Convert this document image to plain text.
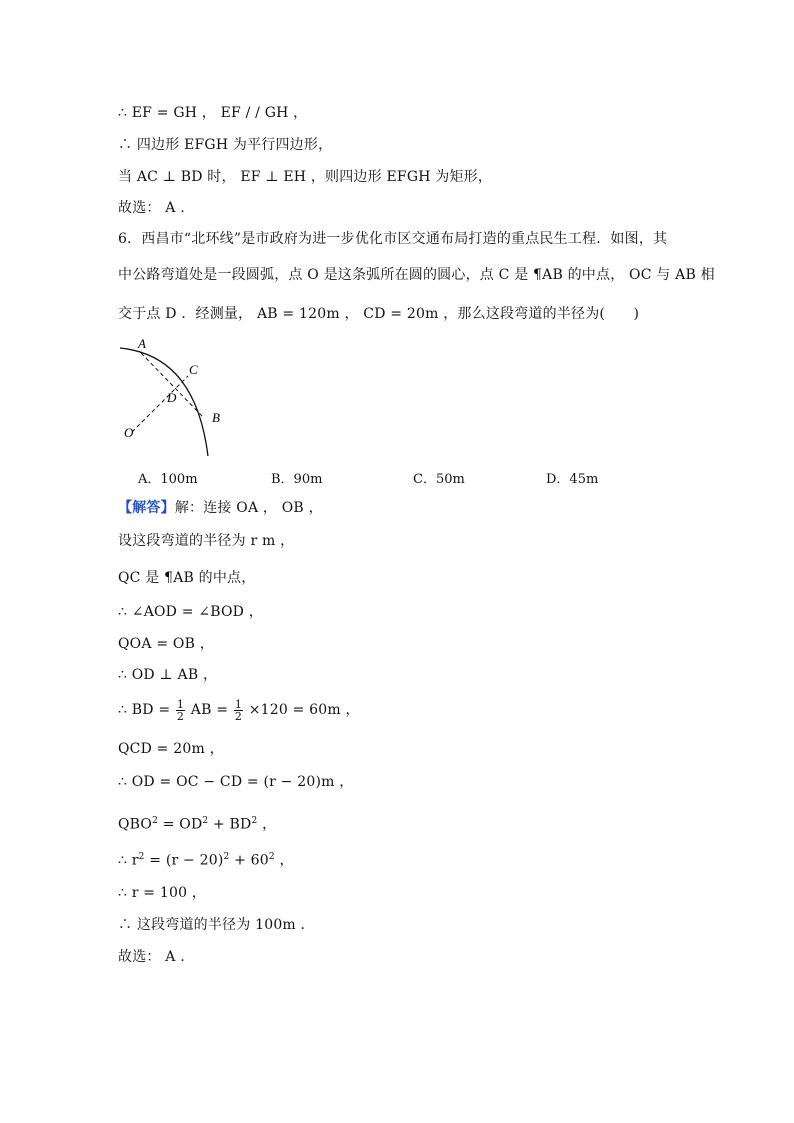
∴ EF = GH ， EF / / GH ，
∴ 四边形 EFGH 为平行四边形，
当 AC ⊥ BD 时， EF ⊥ EH ，则四边形 EFGH 为矩形，
故选： A .
6．西昌市“北环线”是市政府为进一步优化市区交通布局打造的重点民生工程．如图，其
中公路弯道处是一段圆弧，点 O 是这条弧所在圆的圆心，点 C 是 ¶AB 的中点， OC 与 AB 相
交于点 D ．经测量， AB = 120m ， CD = 20m ，那么这段弯道的半径为(　　)
A
C
D
B
O
A．100m	B．90m	C．50m	D．45m
【解答】解：连接 OA ， OB ，
设这段弯道的半径为 r m ，
QC 是 ¶AB 的中点，
∴ ∠AOD = ∠BOD ，
QOA = OB ，
∴ OD ⊥ AB ，
∴ BD = $\frac{1}{2}$ AB = $\frac{1}{2} \times 120 = 60m$ ，
QCD = 20m ，
∴ OD = OC − CD = (r − 20)m ，
$QBO^2 = OD^2 + BD^2$ ，
∴ $r^2 = (r - 20)^2 + 60^2$ ，
∴ r = 100 ，
∴ 这段弯道的半径为 100m ．
故选： A .
